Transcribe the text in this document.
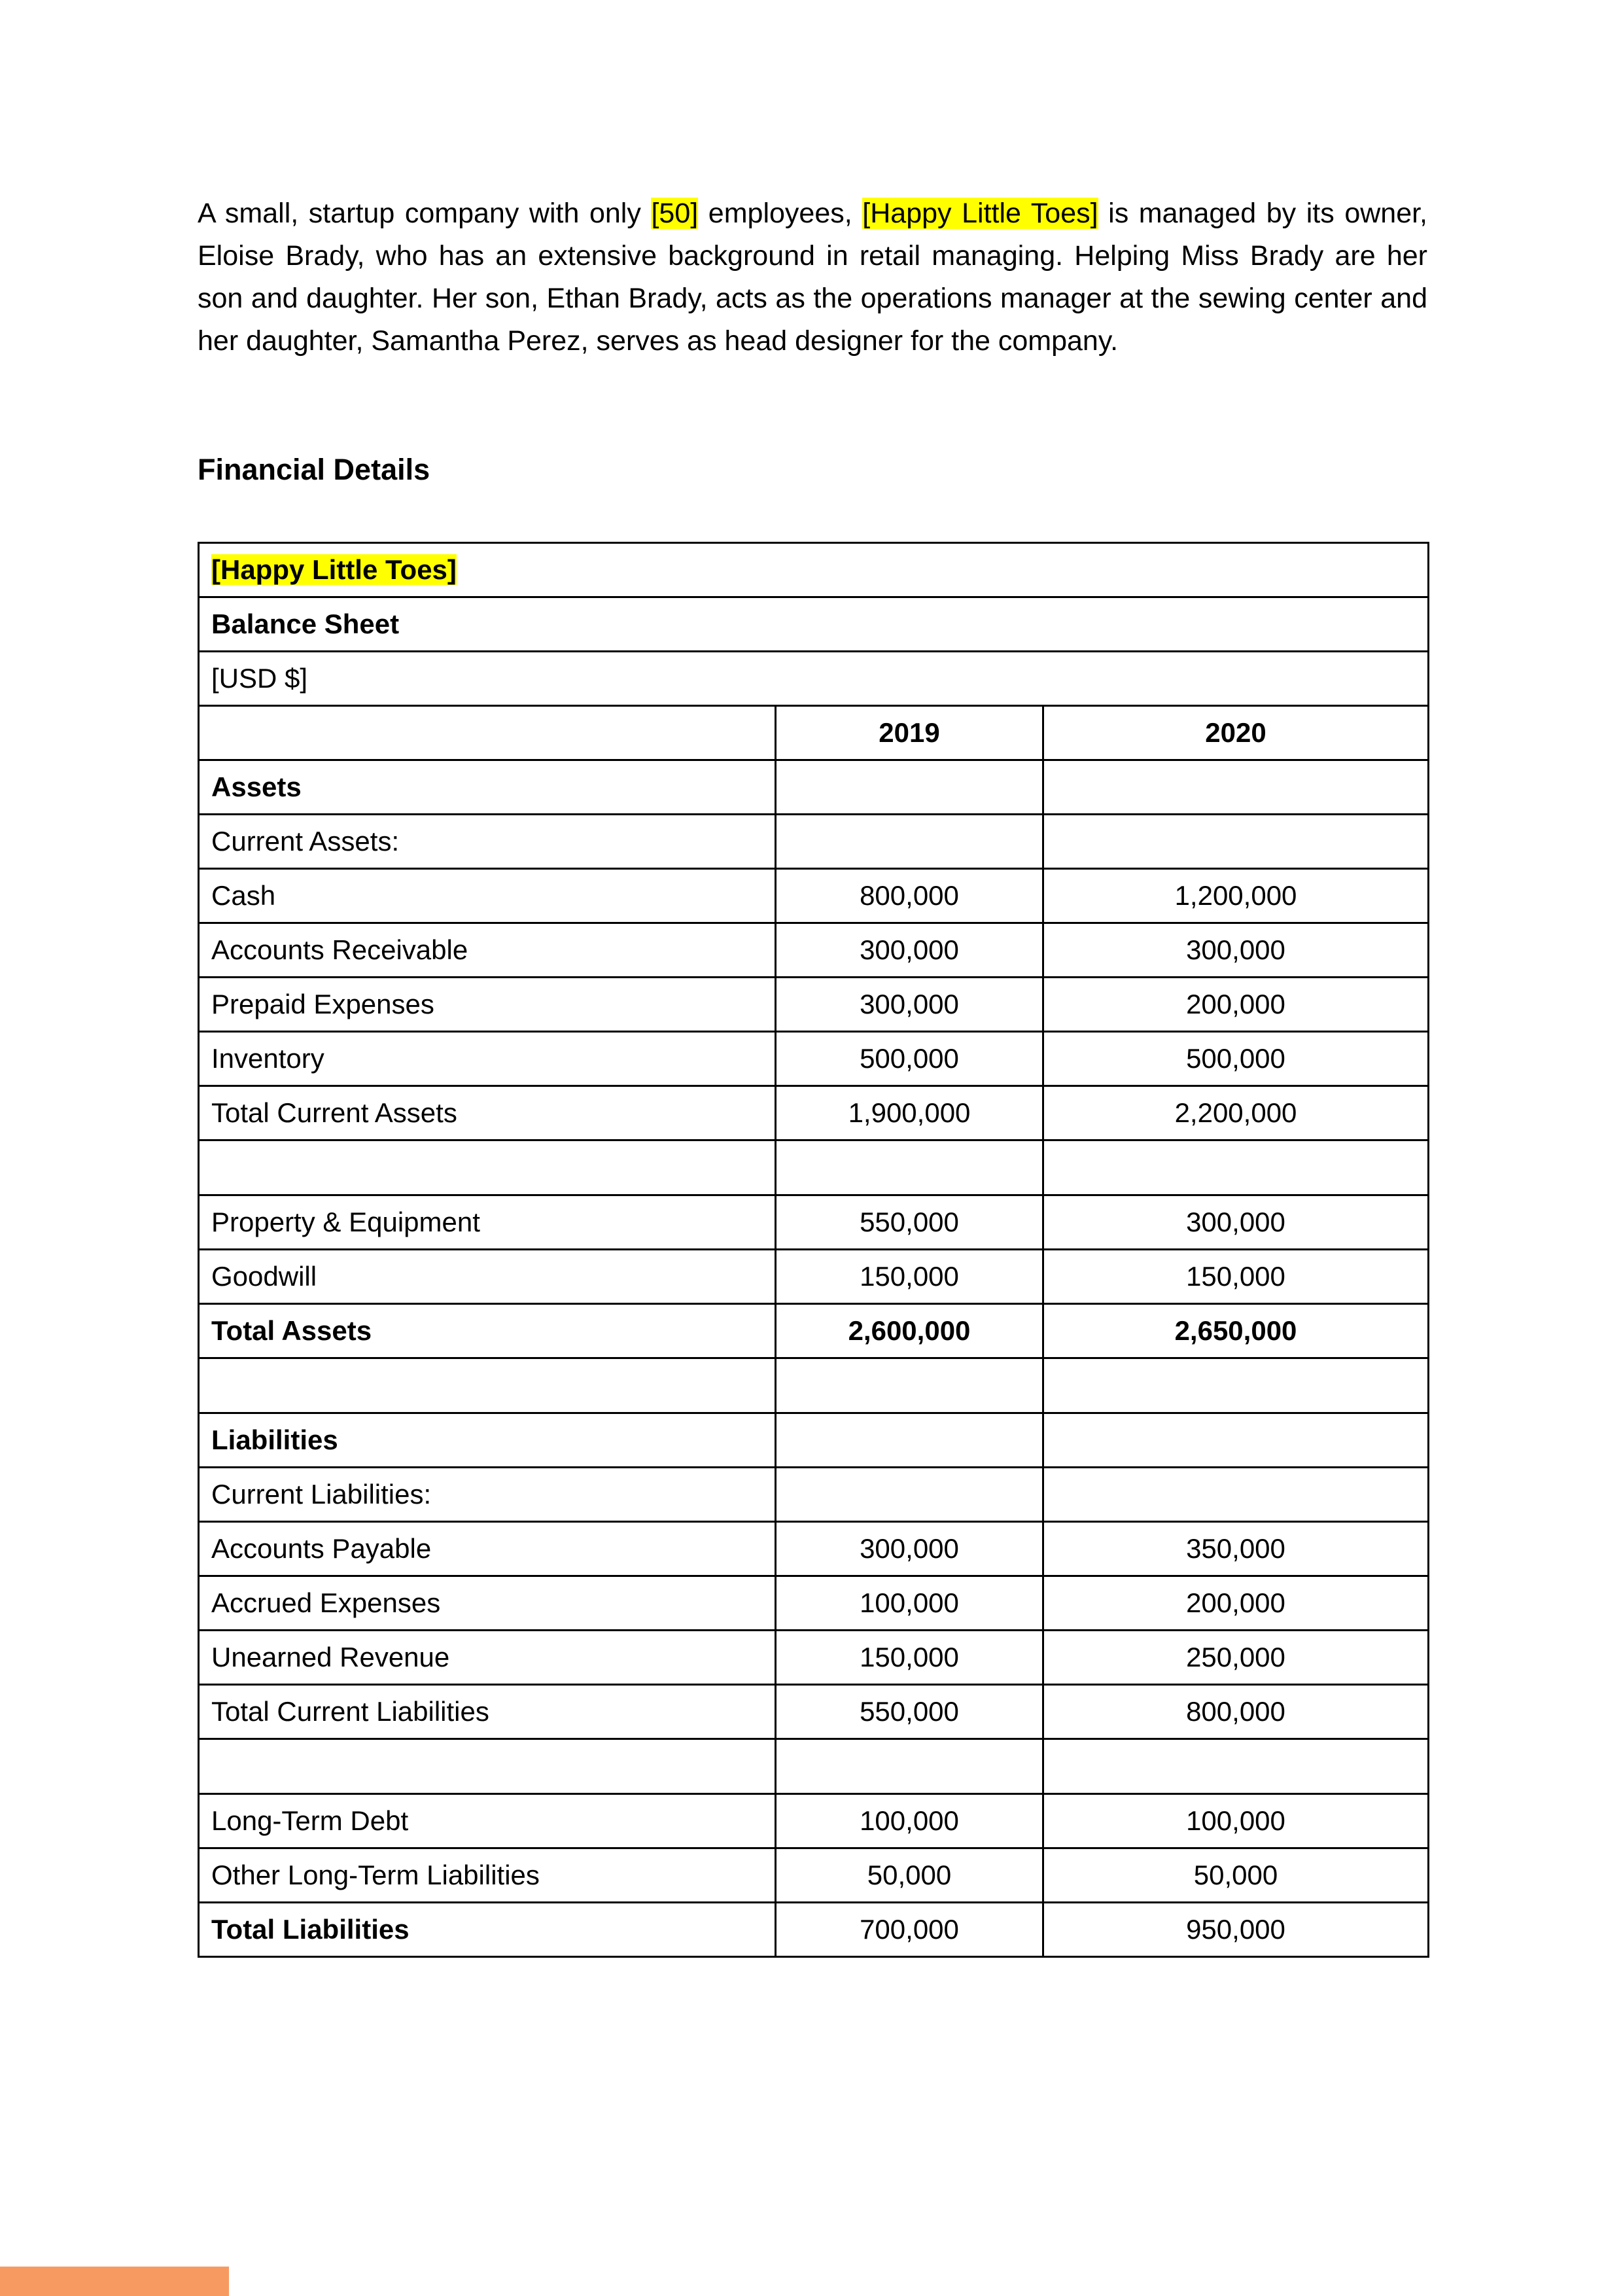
A small, startup company with only [50] employees, [Happy Little Toes] is managed by its owner, Eloise Brady, who has an extensive background in retail managing. Helping Miss Brady are her son and daughter. Her son, Ethan Brady, acts as the operations manager at the sewing center and her daughter, Samantha Perez, serves as head designer for the company.

Financial Details
[Happy Little Toes]		
Balance Sheet		
[USD $]		
	2019	2020
Assets		
Current Assets:		
Cash	800,000	1,200,000
Accounts Receivable	300,000	300,000
Prepaid Expenses	300,000	200,000
Inventory	500,000	500,000
Total Current Assets	1,900,000	2,200,000

Property & Equipment	550,000	300,000
Goodwill	150,000	150,000
Total Assets	2,600,000	2,650,000

Liabilities		
Current Liabilities:		
Accounts Payable	300,000	350,000
Accrued Expenses	100,000	200,000
Unearned Revenue	150,000	250,000
Total Current Liabilities	550,000	800,000

Long-Term Debt	100,000	100,000
Other Long-Term Liabilities	50,000	50,000
Total Liabilities	700,000	950,000
